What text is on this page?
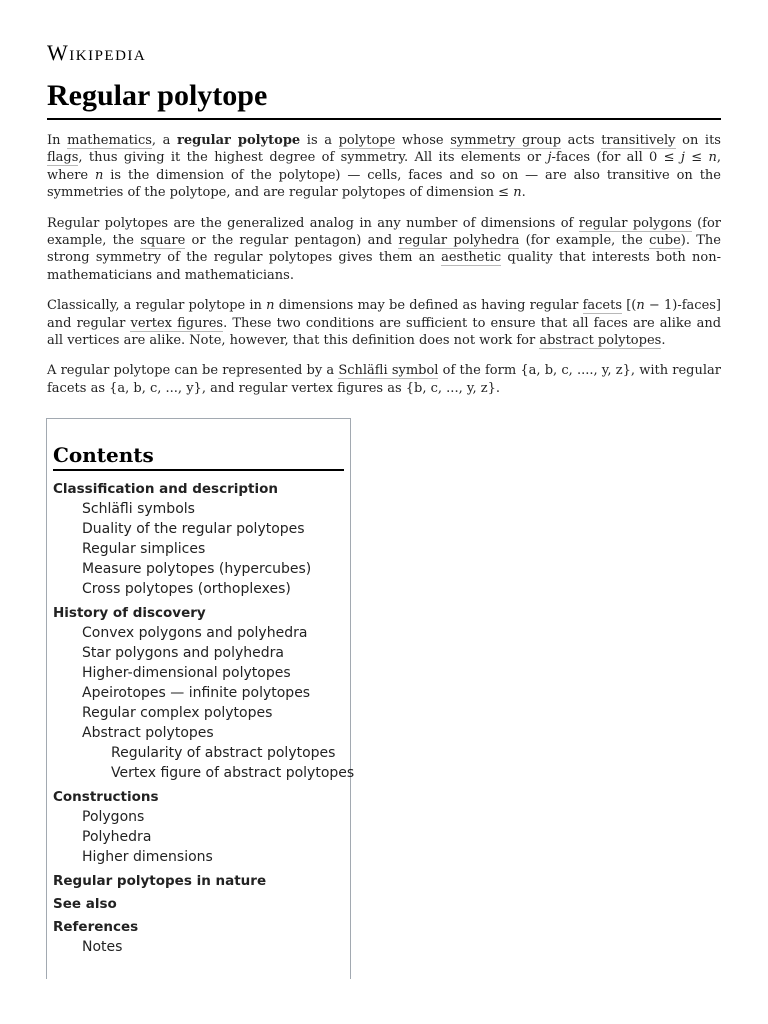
Wikipedia
Regular polytope

In mathematics, a regular polytope is a polytope whose symmetry group acts transitively on its flags, thus giving it the highest degree of symmetry. All its elements or j-faces (for all 0 ≤ j ≤ n, where n is the dimension of the polytope) — cells, faces and so on — are also transitive on the symmetries of the polytope, and are regular polytopes of dimension ≤ n.

Regular polytopes are the generalized analog in any number of dimensions of regular polygons (for example, the square or the regular pentagon) and regular polyhedra (for example, the cube). The strong symmetry of the regular polytopes gives them an aesthetic quality that interests both non-mathematicians and mathematicians.

Classically, a regular polytope in n dimensions may be defined as having regular facets [(n − 1)-faces] and regular vertex figures. These two conditions are sufficient to ensure that all faces are alike and all vertices are alike. Note, however, that this definition does not work for abstract polytopes.

A regular polytope can be represented by a Schläfli symbol of the form {a, b, c, ...., y, z}, with regular facets as {a, b, c, ..., y}, and regular vertex figures as {b, c, ..., y, z}.

Contents
Classification and description
Schläfli symbols
Duality of the regular polytopes
Regular simplices
Measure polytopes (hypercubes)
Cross polytopes (orthoplexes)
History of discovery
Convex polygons and polyhedra
Star polygons and polyhedra
Higher-dimensional polytopes
Apeirotopes — infinite polytopes
Regular complex polytopes
Abstract polytopes
Regularity of abstract polytopes
Vertex figure of abstract polytopes
Constructions
Polygons
Polyhedra
Higher dimensions
Regular polytopes in nature
See also
References
Notes
